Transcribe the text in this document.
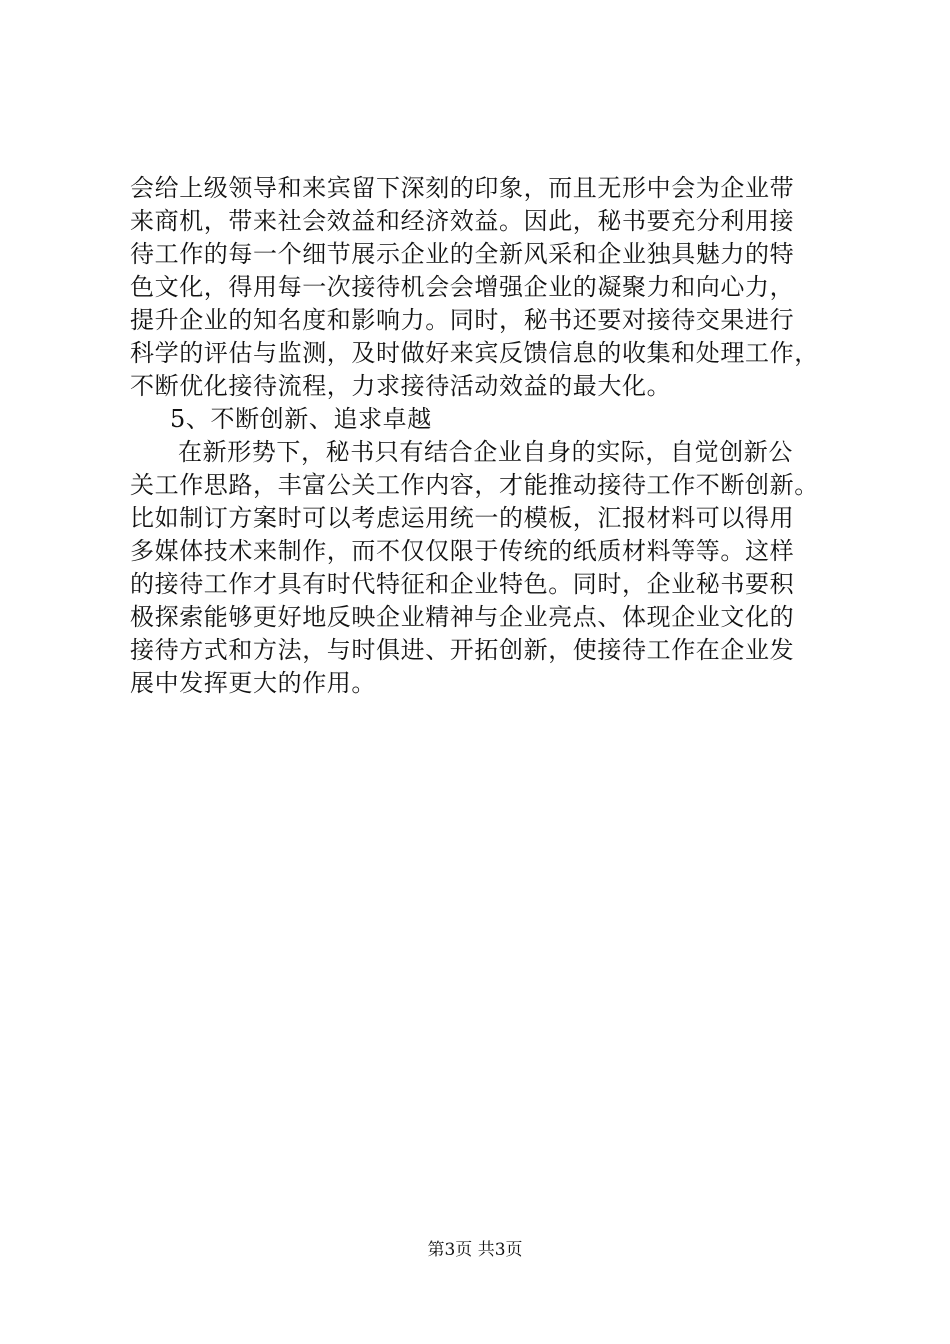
会给上级领导和来宾留下深刻的印象，而且无形中会为企业带
来商机，带来社会效益和经济效益。因此，秘书要充分利用接
待工作的每一个细节展示企业的全新风采和企业独具魅力的特
色文化，得用每一次接待机会会增强企业的凝聚力和向心力，
提升企业的知名度和影响力。同时，秘书还要对接待交果进行
科学的评估与监测，及时做好来宾反馈信息的收集和处理工作，
不断优化接待流程，力求接待活动效益的最大化。
5、不断创新、追求卓越
在新形势下，秘书只有结合企业自身的实际，自觉创新公
关工作思路，丰富公关工作内容，才能推动接待工作不断创新。
比如制订方案时可以考虑运用统一的模板，汇报材料可以得用
多媒体技术来制作，而不仅仅限于传统的纸质材料等等。这样
的接待工作才具有时代特征和企业特色。同时，企业秘书要积
极探索能够更好地反映企业精神与企业亮点、体现企业文化的
接待方式和方法，与时俱进、开拓创新，使接待工作在企业发
展中发挥更大的作用。
第3页 共3页
